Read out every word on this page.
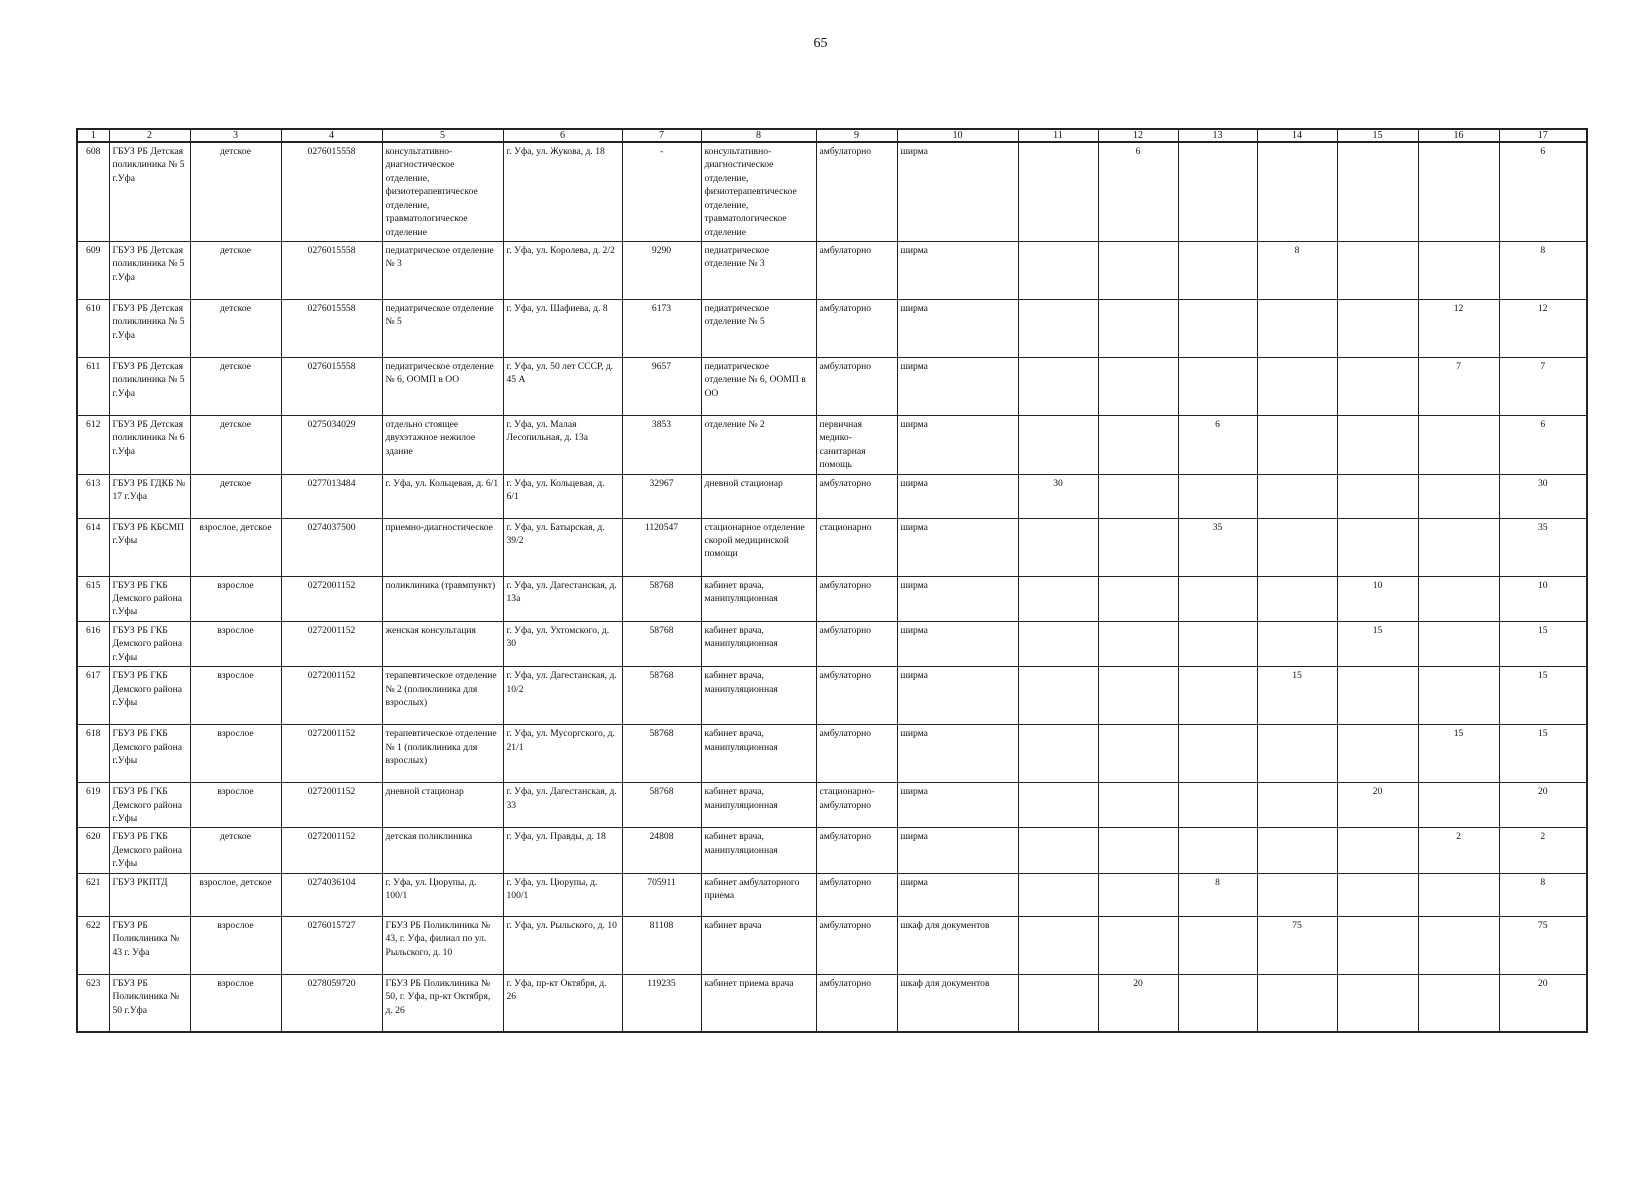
65
1	2	3	4	5	6	7	8	9	10	11	12	13	14	15	16	17
608	ГБУЗ РБ Детская поликлиника № 5 г.Уфа	детское	0276015558	консультативно-диагностическое отделение, физиотерапевтическое отделение, травматологическое отделение	г. Уфа, ул. Жукова, д. 18	-	консультативно-диагностическое отделение, физиотерапевтическое отделение, травматологическое отделение	амбулаторно	ширма		6					6
609	ГБУЗ РБ Детская поликлиника № 5 г.Уфа	детское	0276015558	педиатрическое отделение № 3	г. Уфа, ул. Королева, д. 2/2	9290	педиатрическое отделение № 3	амбулаторно	ширма				8			8
610	ГБУЗ РБ Детская поликлиника № 5 г.Уфа	детское	0276015558	педиатрическое отделение № 5	г. Уфа, ул. Шафиева, д. 8	6173	педиатрическое отделение № 5	амбулаторно	ширма						12	12
611	ГБУЗ РБ Детская поликлиника № 5 г.Уфа	детское	0276015558	педиатрическое отделение № 6, ООМП в ОО	г. Уфа, ул. 50 лет СССР, д. 45 А	9657	педиатрическое отделение № 6, ООМП в ОО	амбулаторно	ширма						7	7
612	ГБУЗ РБ Детская поликлиника № 6 г.Уфа	детское	0275034029	отдельно стоящее двухэтажное нежилое здание	г. Уфа, ул. Малая Лесопильная, д. 13а	3853	отделение № 2	первичная медико-санитарная помощь	ширма			6				6
613	ГБУЗ РБ ГДКБ № 17 г.Уфа	детское	0277013484	г. Уфа, ул. Кольцевая, д. 6/1	г. Уфа, ул. Кольцевая, д. 6/1	32967	дневной стационар	амбулаторно	ширма	30						30
614	ГБУЗ РБ КБСМП г.Уфы	взрослое, детское	0274037500	приемно-диагностическое	г. Уфа, ул. Батырская, д. 39/2	1120547	стационарное отделение скорой медицинской помощи	стационарно	ширма			35				35
615	ГБУЗ РБ ГКБ Демского района г.Уфы	взрослое	0272001152	поликлиника (травмпункт)	г. Уфа, ул. Дагестанская, д. 13а	58768	кабинет врача, манипуляционная	амбулаторно	ширма					10		10
616	ГБУЗ РБ ГКБ Демского района г.Уфы	взрослое	0272001152	женская консультация	г. Уфа, ул. Ухтомского, д. 30	58768	кабинет врача, манипуляционная	амбулаторно	ширма					15		15
617	ГБУЗ РБ ГКБ Демского района г.Уфы	взрослое	0272001152	терапевтическое отделение № 2 (поликлиника для взрослых)	г. Уфа, ул. Дагестанская, д. 10/2	58768	кабинет врача, манипуляционная	амбулаторно	ширма				15			15
618	ГБУЗ РБ ГКБ Демского района г.Уфы	взрослое	0272001152	терапевтическое отделение № 1 (поликлиника для взрослых)	г. Уфа, ул. Мусоргского, д. 21/1	58768	кабинет врача, манипуляционная	амбулаторно	ширма						15	15
619	ГБУЗ РБ ГКБ Демского района г.Уфы	взрослое	0272001152	дневной стационар	г. Уфа, ул. Дагестанская, д. 33	58768	кабинет врача, манипуляционная	стационарно-амбулаторно	ширма					20		20
620	ГБУЗ РБ ГКБ Демского района г.Уфы	детское	0272001152	детская поликлиника	г. Уфа, ул. Правды, д. 18	24808	кабинет врача, манипуляционная	амбулаторно	ширма						2	2
621	ГБУЗ РКПТД	взрослое, детское	0274036104	г. Уфа, ул. Цюрупы, д. 100/1	г. Уфа, ул. Цюрупы, д. 100/1	705911	кабинет амбулаторного приема	амбулаторно	ширма			8				8
622	ГБУЗ РБ Поликлиника № 43 г. Уфа	взрослое	0276015727	ГБУЗ РБ Поликлиника № 43, г. Уфа, филиал по ул. Рыльского, д. 10	г. Уфа, ул. Рыльского, д. 10	81108	кабинет врача	амбулаторно	шкаф для документов				75			75
623	ГБУЗ РБ Поликлиника № 50 г.Уфа	взрослое	0278059720	ГБУЗ РБ Поликлиника № 50, г. Уфа, пр-кт Октября, д. 26	г. Уфа, пр-кт Октября, д. 26	119235	кабинет приема врача	амбулаторно	шкаф для документов		20					20
